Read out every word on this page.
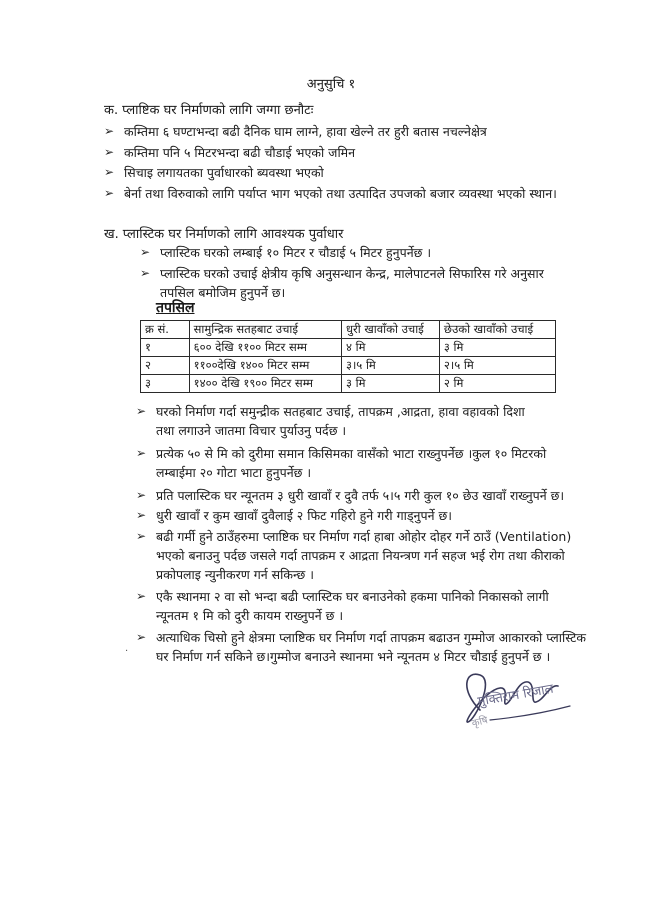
अनुसुचि १
क. प्लाष्टिक घर निर्माणको लागि जग्गा छनौटः
➢ कम्तिमा ६ घण्टाभन्दा बढी दैनिक घाम लाग्ने, हावा खेल्ने तर हुरी बतास नचल्नेक्षेत्र
➢ कम्तिमा पनि ५ मिटरभन्दा बढी चौडाई भएको जमिन
➢ सिचाइ लगायतका पुर्वाधारको ब्यवस्था भएको
➢ बेर्ना तथा विरुवाको लागि पर्याप्त भाग भएको तथा उत्पादित उपजको बजार व्यवस्था भएको स्थान।
ख. प्लास्टिक घर निर्माणको लागि आवश्यक पुर्वाधार
➢ प्लास्टिक घरको लम्बाई १० मिटर र चौडाई ५ मिटर हुनुपर्नेछ ।
➢ प्लास्टिक घरको उचाई क्षेत्रीय कृषि अनुसन्धान केन्द्र, मालेपाटनले सिफारिस गरे अनुसार तपसिल बमोजिम हुनुपर्ने छ।
तपसिल
क्र सं.	सामुन्द्रिक सतहबाट उचाई	धुरी खावाँको उचाई	छेउको खावाँको उचाई
१	६०० देखि ११०० मिटर सम्म	४ मि	३ मि
२	११००देखि १४०० मिटर सम्म	३।५ मि	२।५ मि
३	१४०० देखि १९०० मिटर सम्म	३ मि	२ मि
➢ घरको निर्माण गर्दा समुन्द्रीक सतहबाट उचाई, तापक्रम ,आद्रता, हावा वहावको दिशा तथा लगाउने जातमा विचार पुर्याउनु पर्दछ ।
➢ प्रत्येक ५० से मि को दुरीमा समान किसिमका वासँको भाटा राख्नुपर्नेछ ।कुल १० मिटरको लम्बाईमा २० गोटा भाटा हुनुपर्नेछ ।
➢ प्रति पलास्टिक घर न्यूनतम ३ धुरी खावाँ र दुवै तर्फ ५।५ गरी कुल १० छेउ खावाँ राख्नुपर्ने छ।
➢ धुरी खावाँ र कुम खावाँ दुवैलाई २ फिट गहिरो हुने गरी गाड्नुपर्ने छ।
➢ बढी गर्मी हुने ठाउँहरुमा प्लाष्टिक घर निर्माण गर्दा हाबा ओहोर दोहर गर्ने ठाउँ (Ventilation) भएको बनाउनु पर्दछ जसले गर्दा तापक्रम र आद्रता नियन्त्रण गर्न सहज भई रोग तथा कीराको प्रकोपलाइ न्युनीकरण गर्न सकिन्छ ।
➢ एकै स्थानमा २ वा सो भन्दा बढी प्लास्टिक घर बनाउनेको हकमा पानिको निकासको लागी न्यूनतम १ मि को दुरी कायम राख्नुपर्ने छ ।
➢ अत्याधिक चिसो हुने क्षेत्रमा प्लाष्टिक घर निर्माण गर्दा तापक्रम बढाउन गुम्मोज आकारको प्लास्टिक घर निर्माण गर्न सकिने छ।गुम्मोज बनाउने स्थानमा भने न्यूनतम ४ मिटर चौडाई हुनुपर्ने छ ।
·
मुक्तिराम रिजाल
कृषि
